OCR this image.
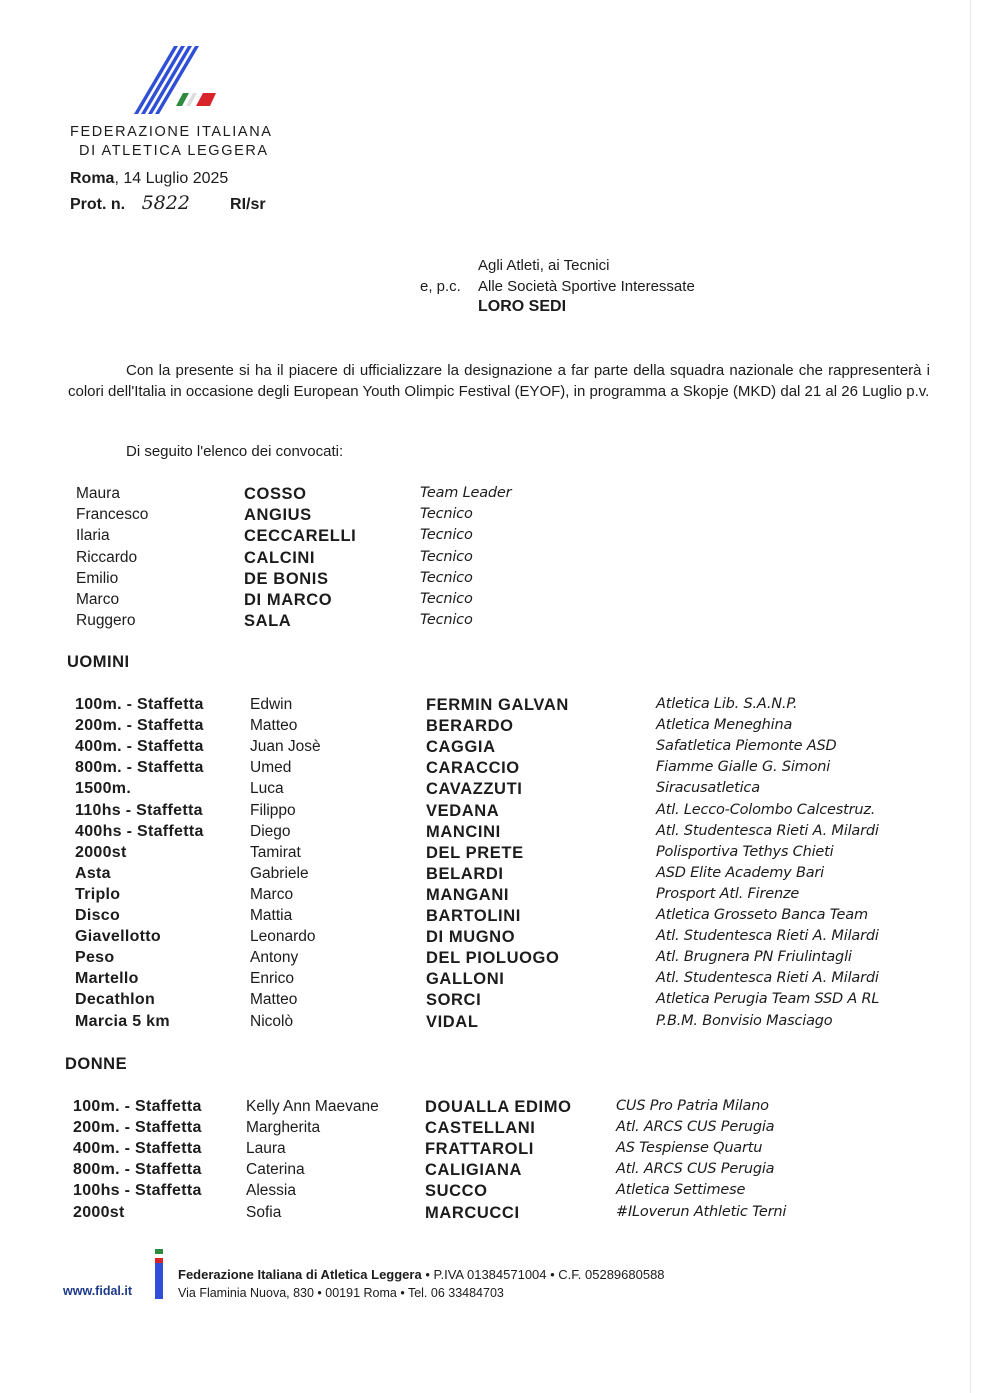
FEDERAZIONE ITALIANA
DI ATLETICA LEGGERA
Roma, 14 Luglio 2025
Prot. n. 5822	RI/sr
Agli Atleti, ai Tecnici
e, p.c. Alle Società Sportive Interessate
LORO SEDI
Con la presente si ha il piacere di ufficializzare la designazione a far parte della squadra nazionale che rappresenterà i colori dell'Italia in occasione degli European Youth Olimpic Festival (EYOF), in programma a Skopje (MKD) dal 21 al 26 Luglio p.v.
Di seguito l'elenco dei convocati:
Maura	COSSO	Team Leader
Francesco	ANGIUS	Tecnico
Ilaria	CECCARELLI	Tecnico
Riccardo	CALCINI	Tecnico
Emilio	DE BONIS	Tecnico
Marco	DI MARCO	Tecnico
Ruggero	SALA	Tecnico
UOMINI
100m. - Staffetta	Edwin	FERMIN GALVAN	Atletica Lib. S.A.N.P.
200m. - Staffetta	Matteo	BERARDO	Atletica Meneghina
400m. - Staffetta	Juan Josè	CAGGIA	Safatletica Piemonte ASD
800m. - Staffetta	Umed	CARACCIO	Fiamme Gialle G. Simoni
1500m.	Luca	CAVAZZUTI	Siracusatletica
110hs - Staffetta	Filippo	VEDANA	Atl. Lecco-Colombo Calcestruz.
400hs - Staffetta	Diego	MANCINI	Atl. Studentesca Rieti A. Milardi
2000st	Tamirat	DEL PRETE	Polisportiva Tethys Chieti
Asta	Gabriele	BELARDI	ASD Elite Academy Bari
Triplo	Marco	MANGANI	Prosport Atl. Firenze
Disco	Mattia	BARTOLINI	Atletica Grosseto Banca Team
Giavellotto	Leonardo	DI MUGNO	Atl. Studentesca Rieti A. Milardi
Peso	Antony	DEL PIOLUOGO	Atl. Brugnera PN Friulintagli
Martello	Enrico	GALLONI	Atl. Studentesca Rieti A. Milardi
Decathlon	Matteo	SORCI	Atletica Perugia Team SSD A RL
Marcia 5 km	Nicolò	VIDAL	P.B.M. Bonvisio Masciago
DONNE
100m. - Staffetta	Kelly Ann Maevane	DOUALLA EDIMO	CUS Pro Patria Milano
200m. - Staffetta	Margherita	CASTELLANI	Atl. ARCS CUS Perugia
400m. - Staffetta	Laura	FRATTAROLI	AS Tespiense Quartu
800m. - Staffetta	Caterina	CALIGIANA	Atl. ARCS CUS Perugia
100hs - Staffetta	Alessia	SUCCO	Atletica Settimese
2000st	Sofia	MARCUCCI	#ILoverun Athletic Terni
www.fidal.it
Federazione Italiana di Atletica Leggera • P.IVA 01384571004 • C.F. 05289680588
Via Flaminia Nuova, 830 • 00191 Roma • Tel. 06 33484703
